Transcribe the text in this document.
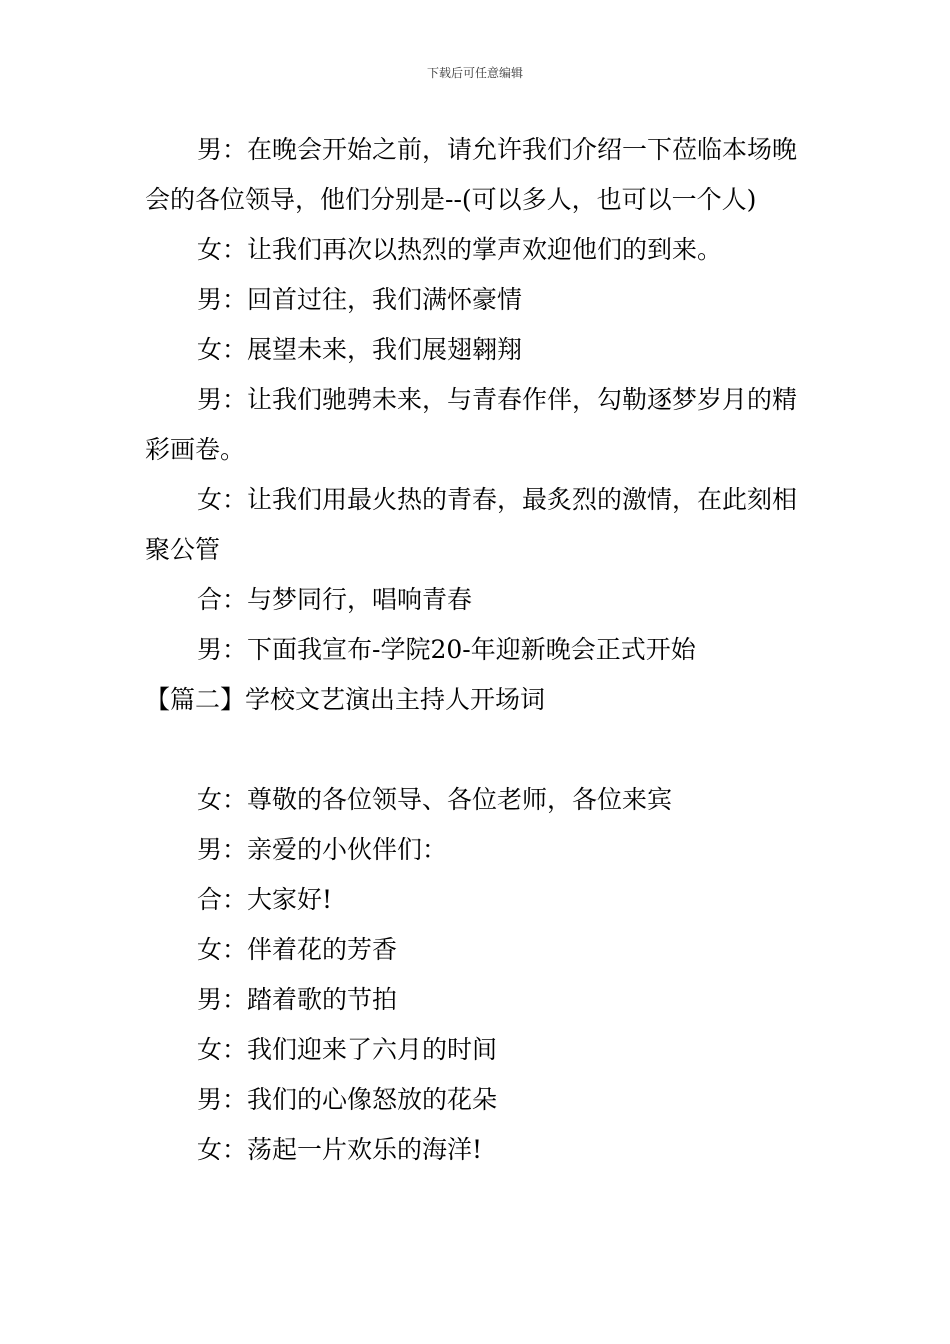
下载后可任意编辑

男：在晚会开始之前，请允许我们介绍一下莅临本场晚会的各位领导，他们分别是--(可以多人，也可以一个人)

女：让我们再次以热烈的掌声欢迎他们的到来。

男：回首过往，我们满怀豪情

女：展望未来，我们展翅翱翔

男：让我们驰骋未来，与青春作伴，勾勒逐梦岁月的精彩画卷。

女：让我们用最火热的青春，最炙烈的激情，在此刻相聚公管

合：与梦同行，唱响青春

男：下面我宣布-学院20-年迎新晚会正式开始

【篇二】学校文艺演出主持人开场词

女：尊敬的各位领导、各位老师，各位来宾

男：亲爱的小伙伴们：

合：大家好!

女：伴着花的芳香

男：踏着歌的节拍

女：我们迎来了六月的时间

男：我们的心像怒放的花朵

女：荡起一片欢乐的海洋!
